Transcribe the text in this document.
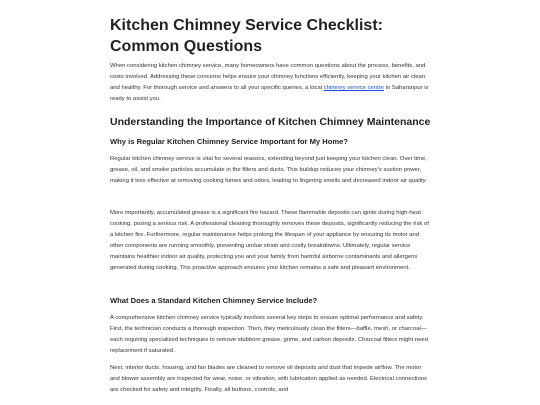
Kitchen Chimney Service Checklist: Common Questions

When considering kitchen chimney service, many homeowners have common questions about the process, benefits, and costs involved. Addressing these concerns helps ensure your chimney functions efficiently, keeping your kitchen air clean and healthy. For thorough service and answers to all your specific queries, a local chimney service centre in Saharanpur is ready to assist you.

Understanding the Importance of Kitchen Chimney Maintenance
Why is Regular Kitchen Chimney Service Important for My Home?

Regular kitchen chimney service is vital for several reasons, extending beyond just keeping your kitchen clean. Over time, grease, oil, and smoke particles accumulate in the filters and ducts. This buildup reduces your chimney's suction power, making it less effective at removing cooking fumes and odors, leading to lingering smells and decreased indoor air quality.

More importantly, accumulated grease is a significant fire hazard. These flammable deposits can ignite during high-heat cooking, posing a serious risk. A professional cleaning thoroughly removes these deposits, significantly reducing the risk of a kitchen fire. Furthermore, regular maintenance helps prolong the lifespan of your appliance by ensuring its motor and other components are running smoothly, preventing undue strain and costly breakdowns. Ultimately, regular service maintains healthier indoor air quality, protecting you and your family from harmful airborne contaminants and allergens generated during cooking. This proactive approach ensures your kitchen remains a safe and pleasant environment.

What Does a Standard Kitchen Chimney Service Include?

A comprehensive kitchen chimney service typically involves several key steps to ensure optimal performance and safety. First, the technician conducts a thorough inspection. Then, they meticulously clean the filters—baffle, mesh, or charcoal—each requiring specialized techniques to remove stubborn grease, grime, and carbon deposits. Charcoal filters might need replacement if saturated.

Next, interior ducts, housing, and fan blades are cleaned to remove oil deposits and dust that impede airflow. The motor and blower assembly are inspected for wear, noise, or vibration, with lubrication applied as needed. Electrical connections are checked for safety and integrity. Finally, all buttons, controls, and
